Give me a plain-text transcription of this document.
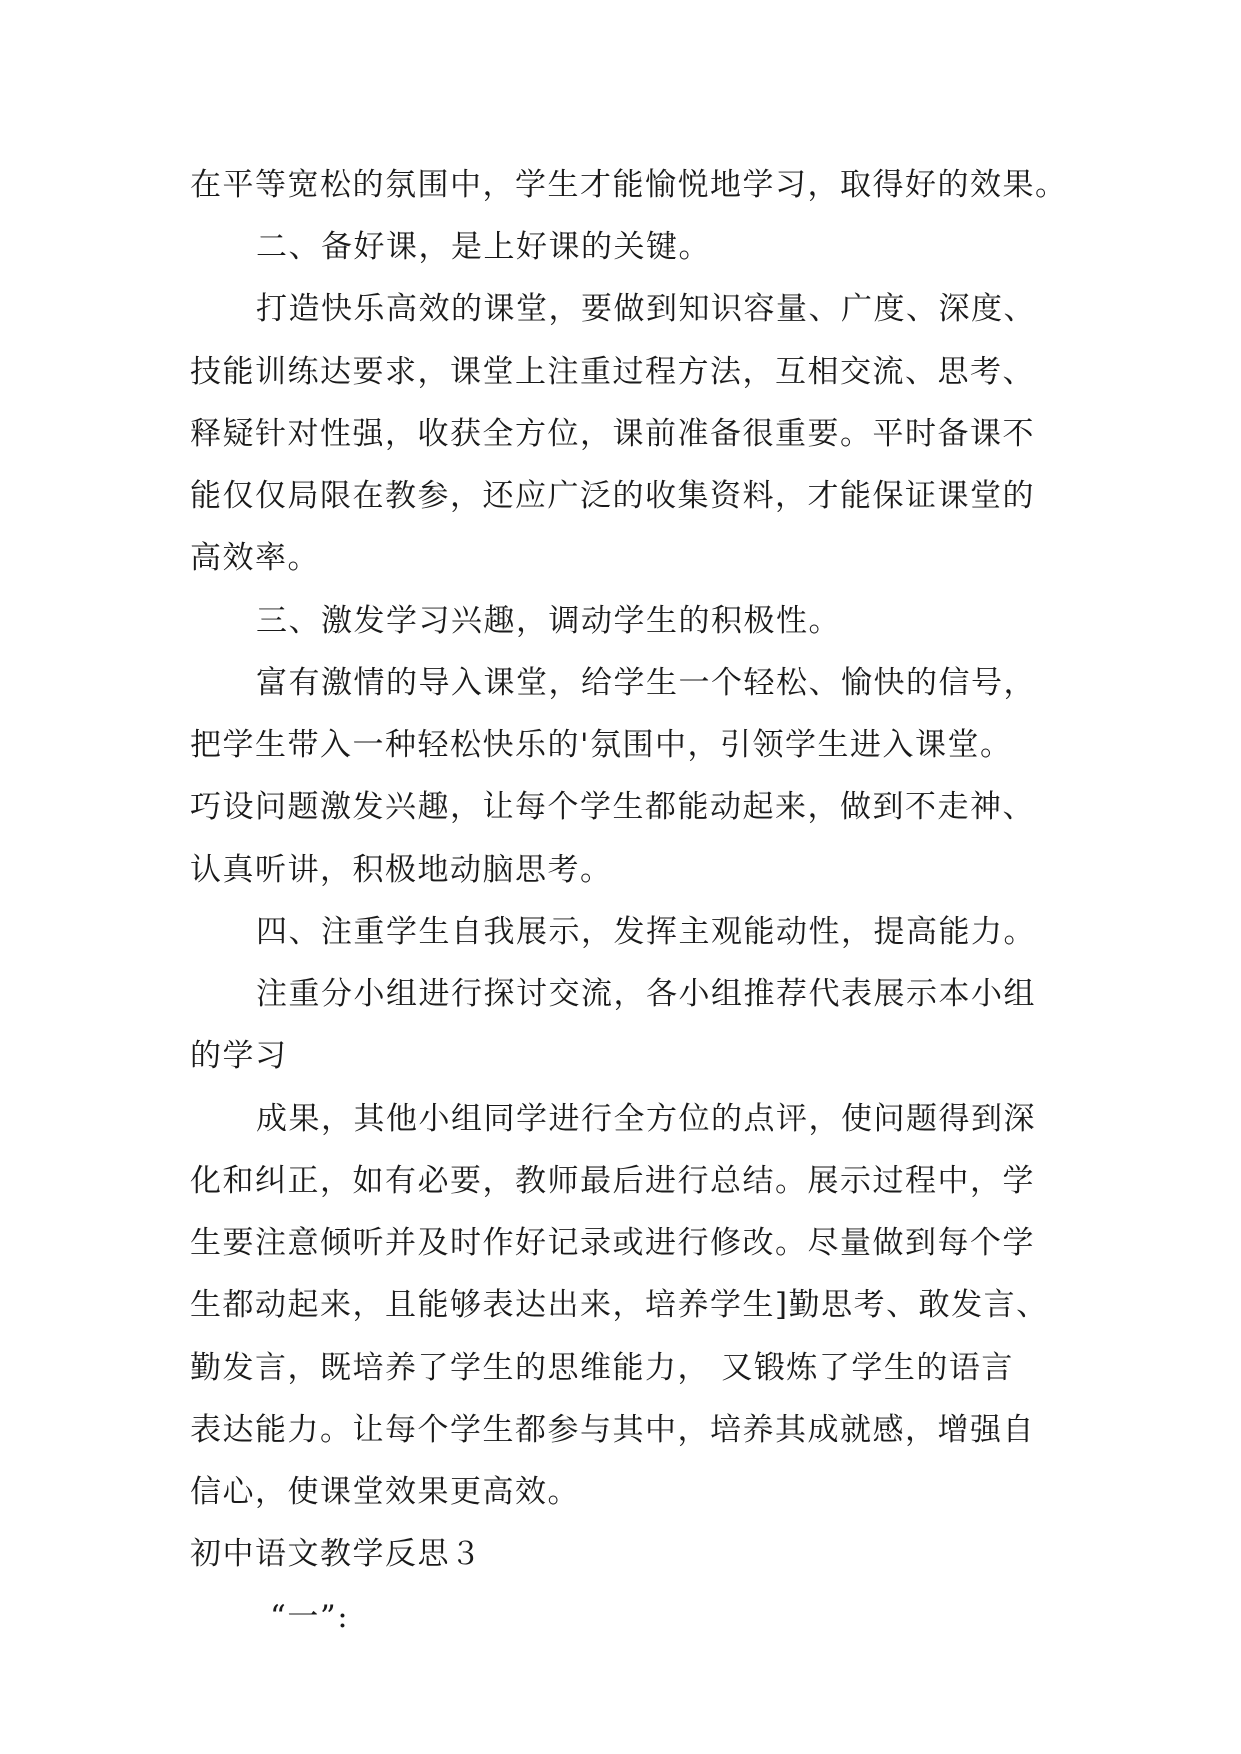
在平等宽松的氛围中，学生才能愉悦地学习，取得好的效果。
二、备好课，是上好课的关键。
打造快乐高效的课堂，要做到知识容量、广度、深度、
技能训练达要求，课堂上注重过程方法，互相交流、思考、
释疑针对性强，收获全方位，课前准备很重要。平时备课不
能仅仅局限在教参，还应广泛的收集资料，才能保证课堂的
高效率。
三、激发学习兴趣，调动学生的积极性。
富有激情的导入课堂，给学生一个轻松、愉快的信号，
把学生带入一种轻松快乐的'氛围中，引领学生进入课堂。
巧设问题激发兴趣，让每个学生都能动起来，做到不走神、
认真听讲，积极地动脑思考。
四、注重学生自我展示，发挥主观能动性，提高能力。
注重分小组进行探讨交流，各小组推荐代表展示本小组
的学习
成果，其他小组同学进行全方位的点评，使问题得到深
化和纠正，如有必要，教师最后进行总结。展示过程中，学
生要注意倾听并及时作好记录或进行修改。尽量做到每个学
生都动起来，且能够表达出来，培养学生]勤思考、敢发言、
勤发言，既培养了学生的思维能力， 又锻炼了学生的语言
表达能力。让每个学生都参与其中，培养其成就感，增强自
信心，使课堂效果更高效。
初中语文教学反思３
“一”:
